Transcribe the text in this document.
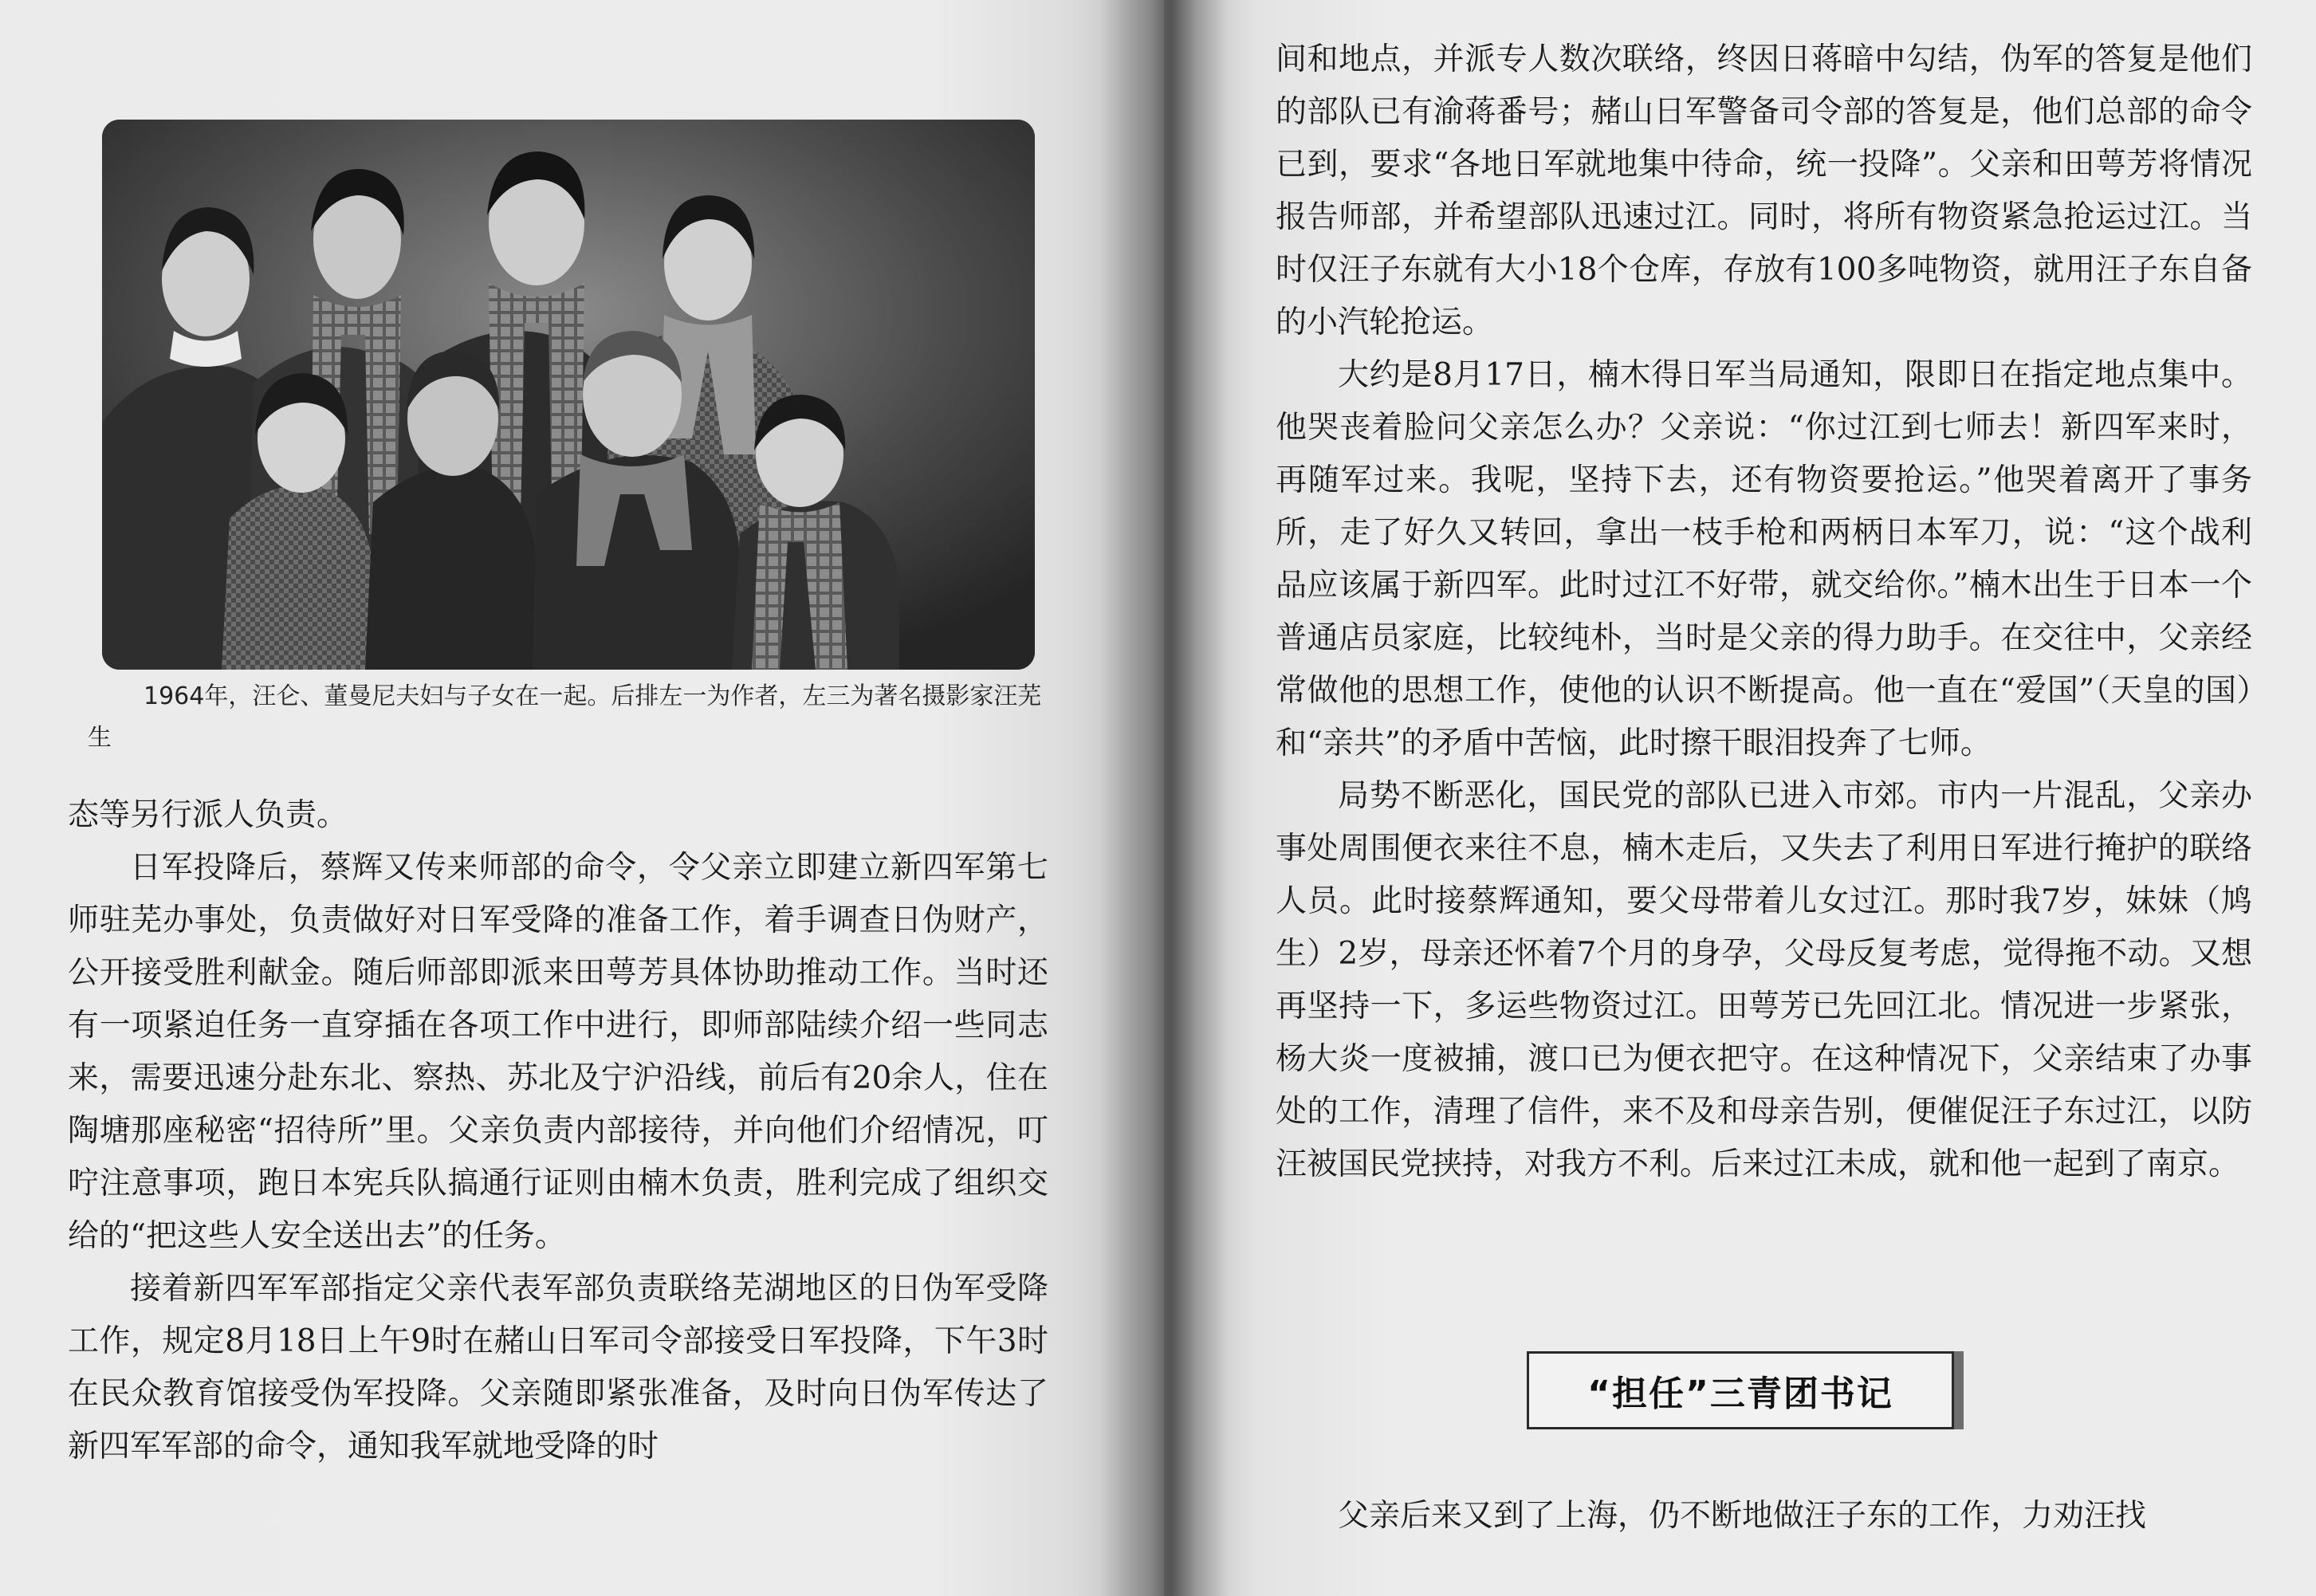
1964年，汪仑、董曼尼夫妇与子女在一起。后排左一为作者，左三为著名摄影家汪芜生

态等另行派人负责。

日军投降后，蔡辉又传来师部的命令，令父亲立即建立新四军第七师驻芜办事处，负责做好对日军受降的准备工作，着手调查日伪财产，公开接受胜利献金。随后师部即派来田萼芳具体协助推动工作。当时还有一项紧迫任务一直穿插在各项工作中进行，即师部陆续介绍一些同志来，需要迅速分赴东北、察热、苏北及宁沪沿线，前后有20余人，住在陶塘那座秘密“招待所”里。父亲负责内部接待，并向他们介绍情况，叮咛注意事项，跑日本宪兵队搞通行证则由楠木负责，胜利完成了组织交给的“把这些人安全送出去”的任务。

接着新四军军部指定父亲代表军部负责联络芜湖地区的日伪军受降工作，规定8月18日上午9时在赭山日军司令部接受日军投降，下午3时在民众教育馆接受伪军投降。父亲随即紧张准备，及时向日伪军传达了新四军军部的命令，通知我军就地受降的时

间和地点，并派专人数次联络，终因日蒋暗中勾结，伪军的答复是他们的部队已有渝蒋番号；赭山日军警备司令部的答复是，他们总部的命令已到，要求“各地日军就地集中待命，统一投降”。父亲和田萼芳将情况报告师部，并希望部队迅速过江。同时，将所有物资紧急抢运过江。当时仅汪子东就有大小18个仓库，存放有100多吨物资，就用汪子东自备的小汽轮抢运。

大约是8月17日，楠木得日军当局通知，限即日在指定地点集中。他哭丧着脸问父亲怎么办？父亲说：“你过江到七师去！新四军来时，再随军过来。我呢，坚持下去，还有物资要抢运。”他哭着离开了事务所，走了好久又转回，拿出一枝手枪和两柄日本军刀，说：“这个战利品应该属于新四军。此时过江不好带，就交给你。”楠木出生于日本一个普通店员家庭，比较纯朴，当时是父亲的得力助手。在交往中，父亲经常做他的思想工作，使他的认识不断提高。他一直在“爱国”（天皇的国）和“亲共”的矛盾中苦恼，此时擦干眼泪投奔了七师。

局势不断恶化，国民党的部队已进入市郊。市内一片混乱，父亲办事处周围便衣来往不息，楠木走后，又失去了利用日军进行掩护的联络人员。此时接蔡辉通知，要父母带着儿女过江。那时我7岁，妹妹（鸠生）2岁，母亲还怀着7个月的身孕，父母反复考虑，觉得拖不动。又想再坚持一下，多运些物资过江。田萼芳已先回江北。情况进一步紧张，杨大炎一度被捕，渡口已为便衣把守。在这种情况下，父亲结束了办事处的工作，清理了信件，来不及和母亲告别，便催促汪子东过江，以防汪被国民党挟持，对我方不利。后来过江未成，就和他一起到了南京。

“担任”三青团书记

父亲后来又到了上海，仍不断地做汪子东的工作，力劝汪找
